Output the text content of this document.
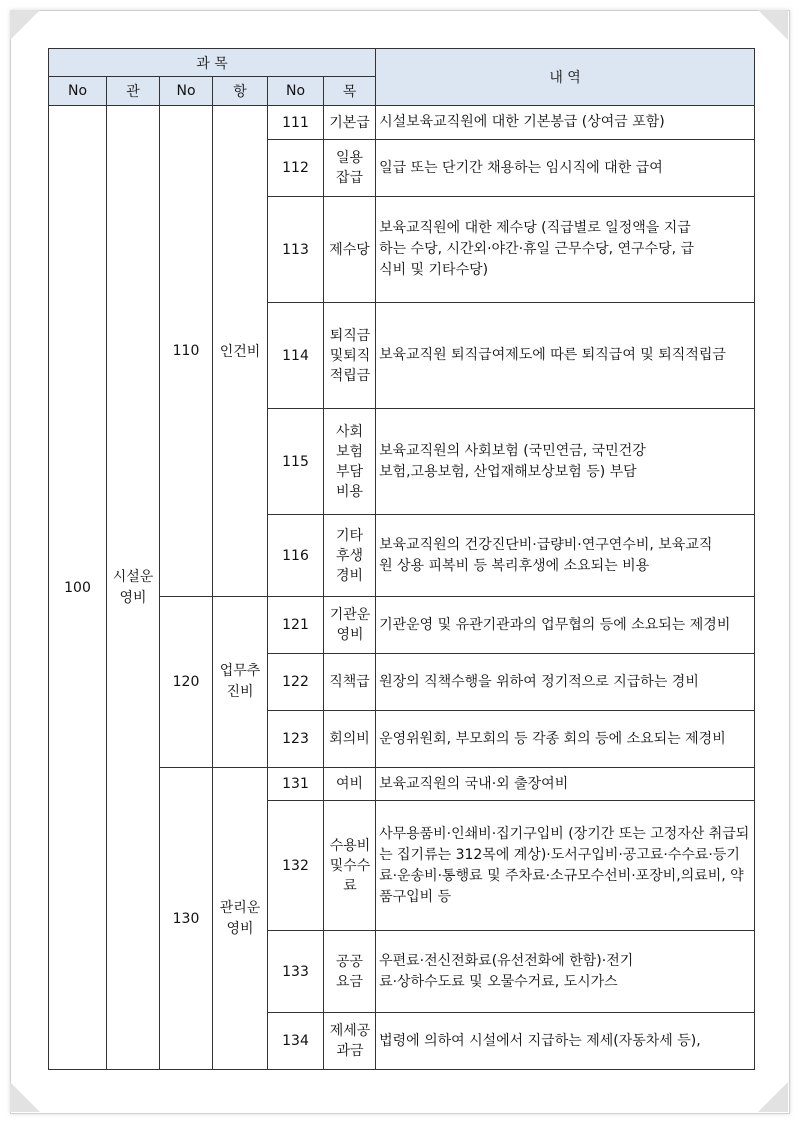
과 목						내 역
No	관	No	항	No	목	
100	시설운영비	110	인건비	111	기본급	시설보육교직원에 대한 기본봉급 (상여금 포함)
				112	일용잡급	일급 또는 단기간 채용하는 임시직에 대한 급여
				113	제수당	보육교직원에 대한 제수당 (직급별로 일정액을 지급하는 수당, 시간외·야간·휴일 근무수당, 연구수당, 급식비 및 기타수당)
				114	퇴직금및퇴직적립금	보육교직원 퇴직급여제도에 따른 퇴직급여 및 퇴직적립금
				115	사회보험부담비용	보육교직원의 사회보험 (국민연금, 국민건강보험,고용보험, 산업재해보상보험 등) 부담
				116	기타후생경비	보육교직원의 건강진단비·급량비·연구연수비, 보육교직원 상용 피복비 등 복리후생에 소요되는 비용
		120	업무추진비	121	기관운영비	기관운영 및 유관기관과의 업무협의 등에 소요되는 제경비
				122	직책급	원장의 직책수행을 위하여 정기적으로 지급하는 경비
				123	회의비	운영위원회, 부모회의 등 각종 회의 등에 소요되는 제경비
		130	관리운영비	131	여비	보육교직원의 국내·외 출장여비
				132	수용비및수수료	사무용품비·인쇄비·집기구입비 (장기간 또는 고정자산 취급되는 집기류는 312목에 계상)·도서구입비·공고료·수수료·등기료·운송비·통행료 및 주차료·소규모수선비·포장비,의료비, 약품구입비 등
				133	공공요금	우편료·전신전화료(유선전화에 한함)·전기료·상하수도료 및 오물수거료, 도시가스
				134	제세공과금	법령에 의하여 시설에서 지급하는 제세(자동차세 등),
